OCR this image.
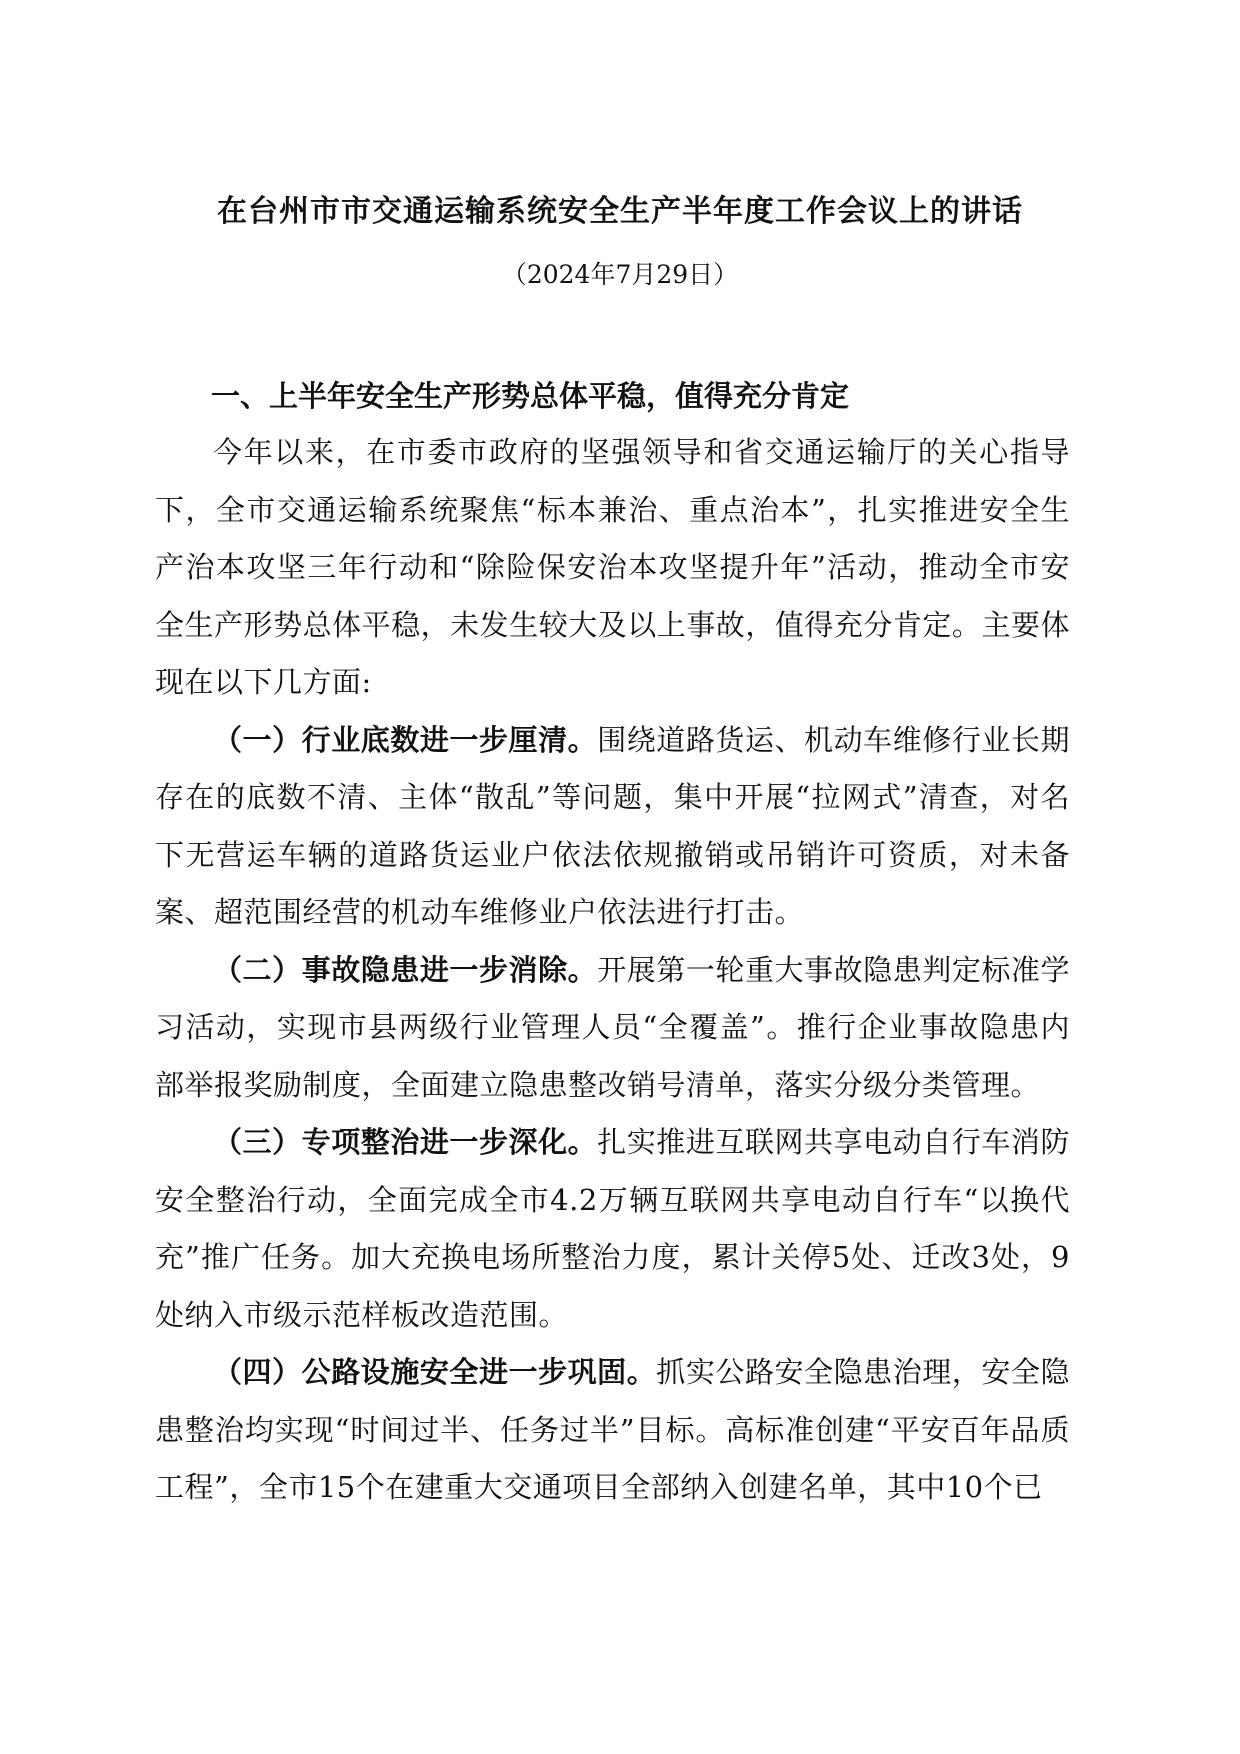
在台州市市交通运输系统安全生产半年度工作会议上的讲话
（2024年7月29日）

一、上半年安全生产形势总体平稳，值得充分肯定

今年以来，在市委市政府的坚强领导和省交通运输厅的关心指导下，全市交通运输系统聚焦“标本兼治、重点治本”，扎实推进安全生产治本攻坚三年行动和“除险保安治本攻坚提升年”活动，推动全市安全生产形势总体平稳，未发生较大及以上事故，值得充分肯定。主要体现在以下几方面:

（一）行业底数进一步厘清。围绕道路货运、机动车维修行业长期存在的底数不清、主体“散乱”等问题，集中开展“拉网式”清查，对名下无营运车辆的道路货运业户依法依规撤销或吊销许可资质，对未备案、超范围经营的机动车维修业户依法进行打击。

（二）事故隐患进一步消除。开展第一轮重大事故隐患判定标准学习活动，实现市县两级行业管理人员“全覆盖”。推行企业事故隐患内部举报奖励制度，全面建立隐患整改销号清单，落实分级分类管理。

（三）专项整治进一步深化。扎实推进互联网共享电动自行车消防安全整治行动，全面完成全市4.2万辆互联网共享电动自行车“以换代充”推广任务。加大充换电场所整治力度，累计关停5处、迁改3处，9处纳入市级示范样板改造范围。

（四）公路设施安全进一步巩固。抓实公路安全隐患治理，安全隐患整治均实现“时间过半、任务过半”目标。高标准创建“平安百年品质工程”，全市15个在建重大交通项目全部纳入创建名单，其中10个已
